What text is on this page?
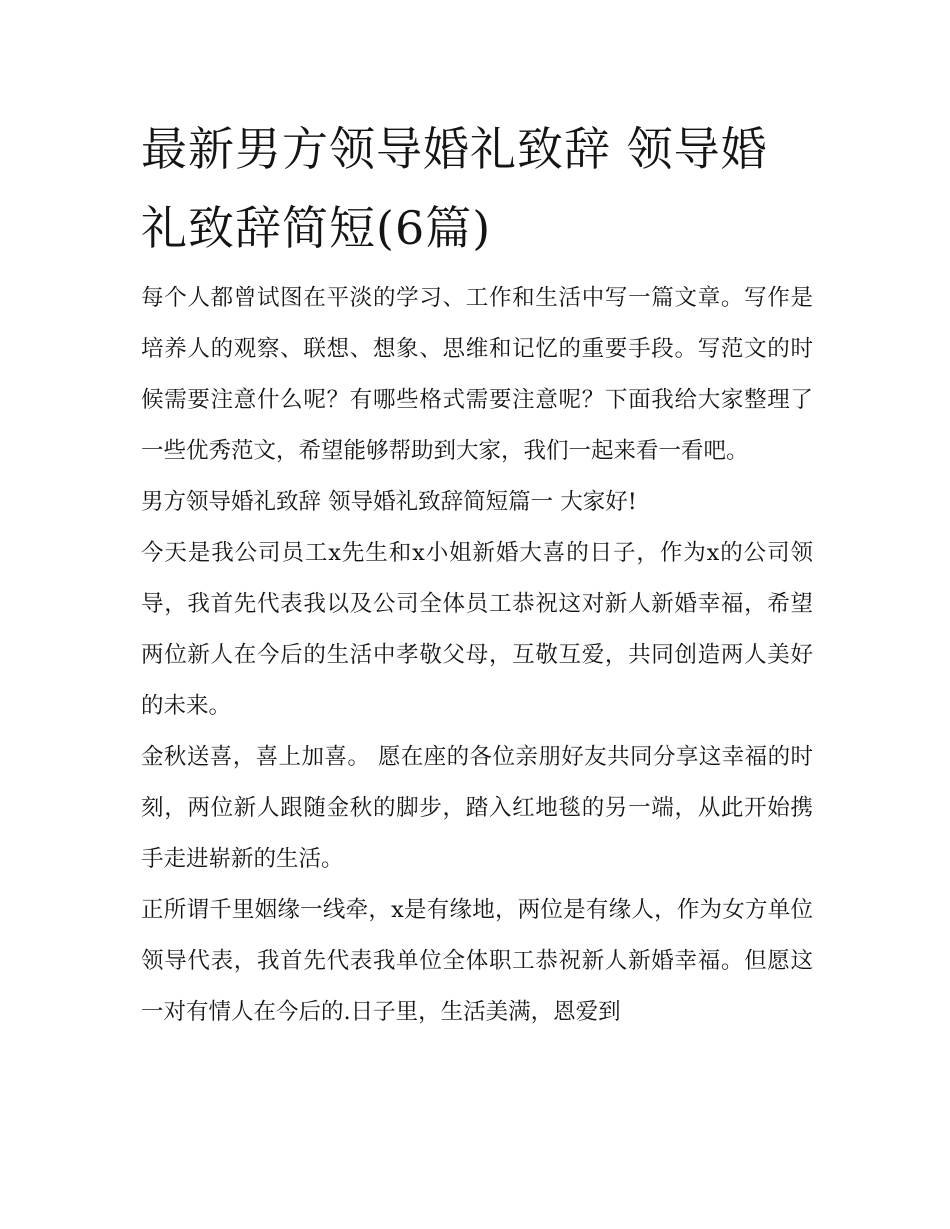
最新男方领导婚礼致辞 领导婚礼致辞简短(6篇)

每个人都曾试图在平淡的学习、工作和生活中写一篇文章。写作是培养人的观察、联想、想象、思维和记忆的重要手段。写范文的时候需要注意什么呢？有哪些格式需要注意呢？下面我给大家整理了一些优秀范文，希望能够帮助到大家，我们一起来看一看吧。

男方领导婚礼致辞 领导婚礼致辞简短篇一 大家好!

今天是我公司员工x先生和x小姐新婚大喜的日子，作为x的公司领导，我首先代表我以及公司全体员工恭祝这对新人新婚幸福，希望两位新人在今后的生活中孝敬父母，互敬互爱，共同创造两人美好的未来。

金秋送喜，喜上加喜。 愿在座的各位亲朋好友共同分享这幸福的时刻，两位新人跟随金秋的脚步，踏入红地毯的另一端，从此开始携手走进崭新的生活。

正所谓千里姻缘一线牵，x是有缘地，两位是有缘人，作为女方单位领导代表，我首先代表我单位全体职工恭祝新人新婚幸福。但愿这一对有情人在今后的.日子里，生活美满，恩爱到
